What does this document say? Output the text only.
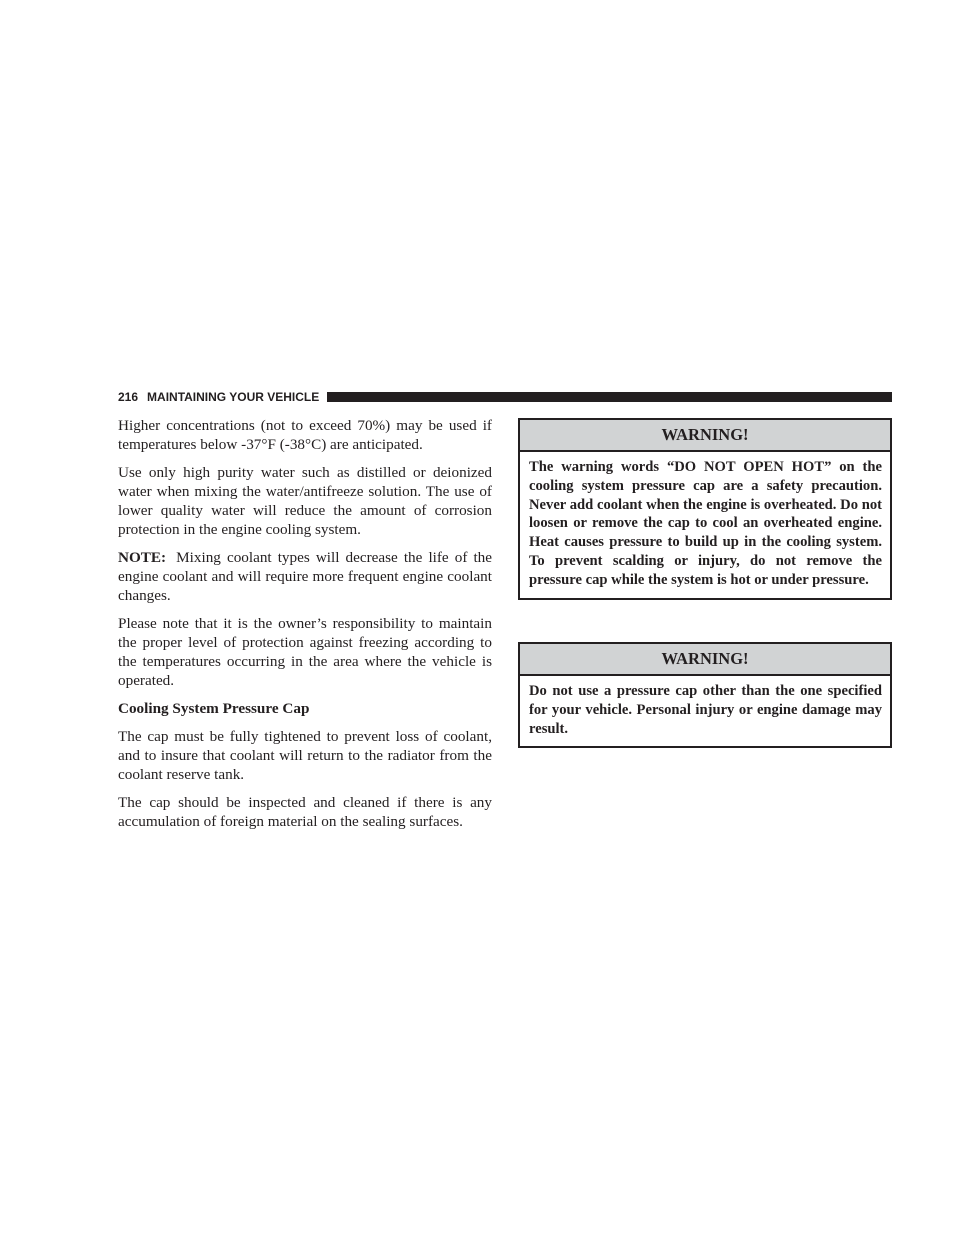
216 MAINTAINING YOUR VEHICLE

Higher concentrations (not to exceed 70%) may be used if temperatures below -37°F (-38°C) are anticipated.

Use only high purity water such as distilled or deionized water when mixing the water/antifreeze solution. The use of lower quality water will reduce the amount of corrosion protection in the engine cooling system.

NOTE: Mixing coolant types will decrease the life of the engine coolant and will require more frequent engine coolant changes.

Please note that it is the owner’s responsibility to maintain the proper level of protection against freezing according to the temperatures occurring in the area where the vehicle is operated.

Cooling System Pressure Cap

The cap must be fully tightened to prevent loss of coolant, and to insure that coolant will return to the radiator from the coolant reserve tank.

The cap should be inspected and cleaned if there is any accumulation of foreign material on the sealing surfaces.

WARNING!
The warning words “DO NOT OPEN HOT” on the cooling system pressure cap are a safety precaution. Never add coolant when the engine is overheated. Do not loosen or remove the cap to cool an overheated engine. Heat causes pressure to build up in the cooling system. To prevent scalding or injury, do not remove the pressure cap while the system is hot or under pressure.
WARNING!
Do not use a pressure cap other than the one specified for your vehicle. Personal injury or engine damage may result.
